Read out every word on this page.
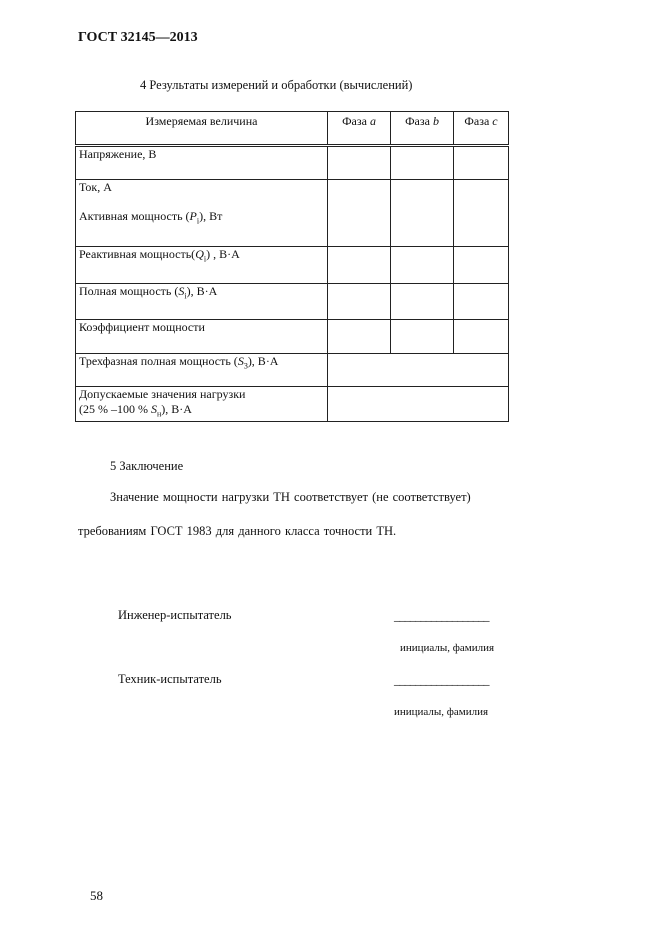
ГОСТ 32145—2013
4 Результаты измерений и обработки (вычислений)
Измеряемая величина	Фаза a	Фаза b	Фаза c
Напряжение, В			

Ток, А
Активная мощность $(P_i)$, Вт			

Реактивная $мощность(Q_i)$ , В·А			
Полная мощность $(S_i)$, В·А			
Коэффициент мощности			
Трехфазная полная мощность $(S_3)$, В·А			

Допускаемые значения нагрузки
(25 % –100 % $S_н$), В·А			

5 Заключение
Значение мощности нагрузки ТН соответствует (не соответствует)
требованиям ГОСТ 1983 для данного класса точности ТН.
Инженер-испытатель	__________________
инициалы, фамилия
Техник-испытатель	__________________
инициалы, фамилия
58
